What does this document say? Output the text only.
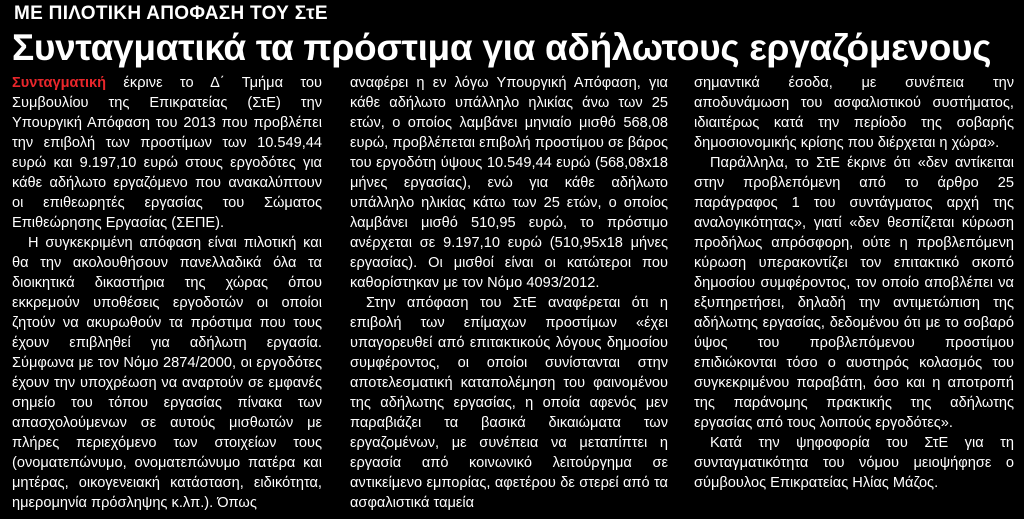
ΜΕ ΠΙΛΟΤΙΚΗ ΑΠΟΦΑΣΗ ΤΟΥ ΣτΕ
Συνταγματικά τα πρόστιμα για αδήλωτους εργαζόμενους

Συνταγματική έκρινε το Δ΄ Τμήμα του Συμβουλίου της Επικρατείας (ΣτΕ) την Υπουργική Απόφαση του 2013 που προβλέπει την επιβολή των προστίμων των 10.549,44 ευρώ και 9.197,10 ευρώ στους εργοδότες για κάθε αδήλωτο εργαζόμενο που ανακαλύπτουν οι επιθεωρητές εργασίας του Σώματος Επιθεώρησης Εργασίας (ΣΕΠΕ).

Η συγκεκριμένη απόφαση είναι πιλοτική και θα την ακολουθήσουν πανελλαδικά όλα τα διοικητικά δικαστήρια της χώρας όπου εκκρεμούν υποθέσεις εργοδοτών οι οποίοι ζητούν να ακυρωθούν τα πρόστιμα που τους έχουν επιβληθεί για αδήλωτη εργασία. Σύμφωνα με τον Νόμο 2874/2000, οι εργοδότες έχουν την υποχρέωση να αναρτούν σε εμφανές σημείο του τόπου εργασίας πίνακα των απασχολούμενων σε αυτούς μισθωτών με πλήρες περιεχόμενο των στοιχείων τους (ονοματεπώνυμο, ονοματεπώνυμο πατέρα και μητέρας, οικογενειακή κατάσταση, ειδικότητα, ημερομηνία πρόσληψης κ.λπ.). Όπως

αναφέρει η εν λόγω Υπουργική Απόφαση, για κάθε αδήλωτο υπάλληλο ηλικίας άνω των 25 ετών, ο οποίος λαμβάνει μηνιαίο μισθό 568,08 ευρώ, προβλέπεται επιβολή προστίμου σε βάρος του εργοδότη ύψους 10.549,44 ευρώ (568,08x18 μήνες εργασίας), ενώ για κάθε αδήλωτο υπάλληλο ηλικίας κάτω των 25 ετών, ο οποίος λαμβάνει μισθό 510,95 ευρώ, το πρόστιμο ανέρχεται σε 9.197,10 ευρώ (510,95x18 μήνες εργασίας). Οι μισθοί είναι οι κατώτεροι που καθορίστηκαν με τον Νόμο 4093/2012.

Στην απόφαση του ΣτΕ αναφέρεται ότι η επιβολή των επίμαχων προστίμων «έχει υπαγορευθεί από επιτακτικούς λόγους δημοσίου συμφέροντος, οι οποίοι συνίστανται στην αποτελεσματική καταπολέμηση του φαινομένου της αδήλωτης εργασίας, η οποία αφενός μεν παραβιάζει τα βασικά δικαιώματα των εργαζομένων, με συνέπεια να μεταπίπτει η εργασία από κοινωνικό λειτούργημα σε αντικείμενο εμπορίας, αφετέρου δε στερεί από τα ασφαλιστικά ταμεία

σημαντικά έσοδα, με συνέπεια την αποδυνάμωση του ασφαλιστικού συστήματος, ιδιαιτέρως κατά την περίοδο της σοβαρής δημοσιονομικής κρίσης που διέρχεται η χώρα».

Παράλληλα, το ΣτΕ έκρινε ότι «δεν αντίκειται στην προβλεπόμενη από το άρθρο 25 παράγραφος 1 του συντάγματος αρχή της αναλογικότητας», γιατί «δεν θεσπίζεται κύρωση προδήλως απρόσφορη, ούτε η προβλεπόμενη κύρωση υπερακοντίζει τον επιτακτικό σκοπό δημοσίου συμφέροντος, τον οποίο αποβλέπει να εξυπηρετήσει, δηλαδή την αντιμετώπιση της αδήλωτης εργασίας, δεδομένου ότι με το σοβαρό ύψος του προβλεπόμενου προστίμου επιδιώκονται τόσο ο αυστηρός κολασμός του συγκεκριμένου παραβάτη, όσο και η αποτροπή της παράνομης πρακτικής της αδήλωτης εργασίας από τους λοιπούς εργοδότες».

Κατά την ψηφοφορία του ΣτΕ για τη συνταγματικότητα του νόμου μειοψήφησε ο σύμβουλος Επικρατείας Ηλίας Μάζος.
